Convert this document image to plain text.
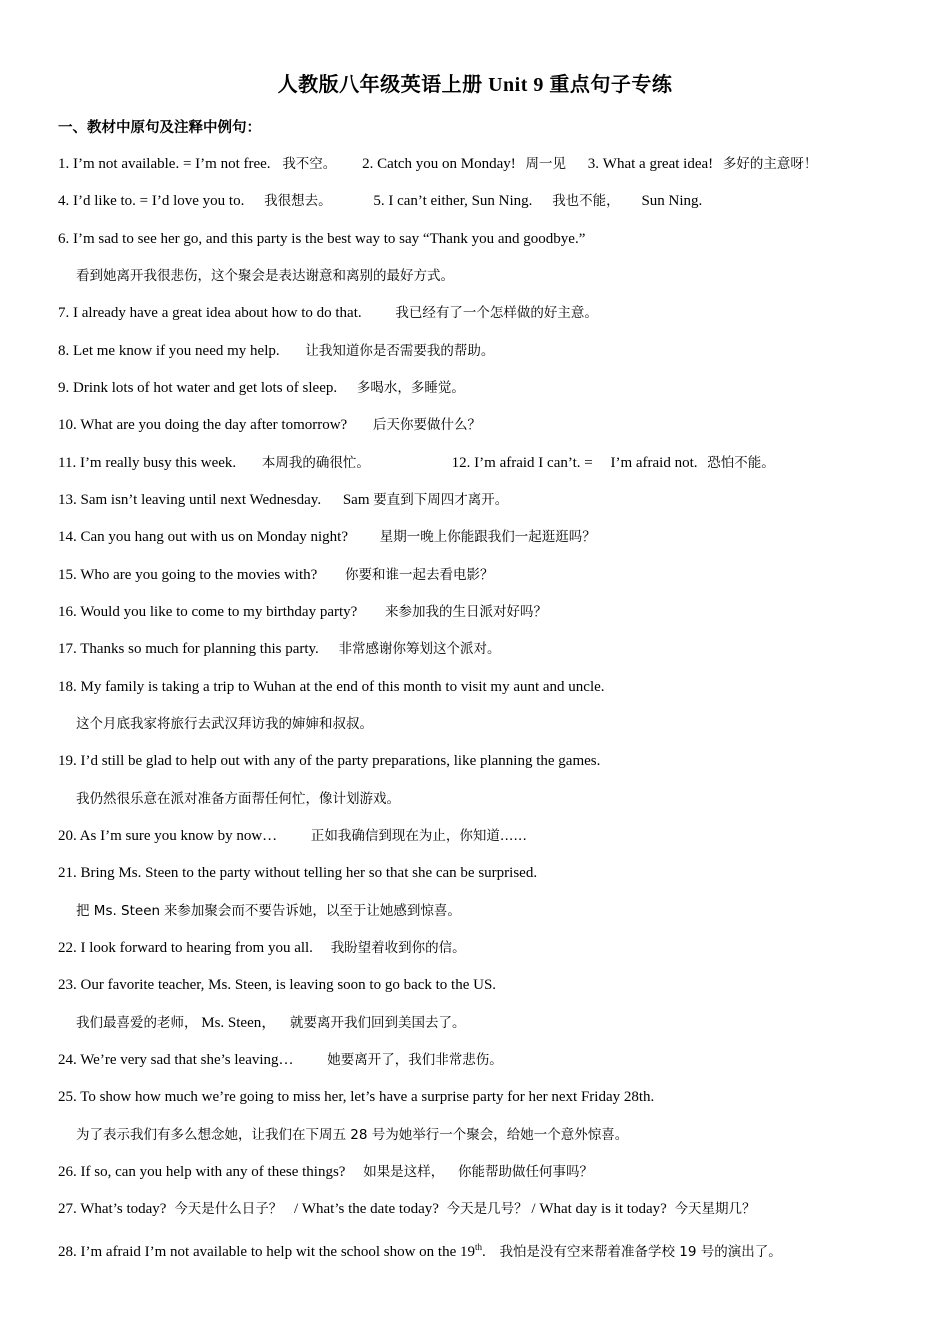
人教版八年级英语上册 Unit 9 重点句子专练
一、教材中原句及注释中例句：
1. I’m not available. = I’m not free. 我不空。 2. Catch you on Monday! 周一见 3. What a great idea! 多好的主意呀！
4. I’d like to. = I’d love you to. 我很想去。	5. I can’t either, Sun Ning. 我也不能， Sun Ning.
6. I’m sad to see her go, and this party is the best way to say “Thank you and goodbye.”
看到她离开我很悲伤，这个聚会是表达谢意和离别的最好方式。
7. I already have a great idea about how to do that.	我已经有了一个怎样做的好主意。
8. Let me know if you need my help. 让我知道你是否需要我的帮助。
9. Drink lots of hot water and get lots of sleep. 多喝水，多睡觉。
10. What are you doing the day after tomorrow? 后天你要做什么？
11. I’m really busy this week. 本周我的确很忙。	12. I’m afraid I can’t. = I’m afraid not. 恐怕不能。
13. Sam isn’t leaving until next Wednesday. Sam 要直到下周四才离开。
14. Can you hang out with us on Monday night? 星期一晚上你能跟我们一起逛逛吗？
15. Who are you going to the movies with? 你要和谁一起去看电影？
16. Would you like to come to my birthday party? 来参加我的生日派对好吗？
17. Thanks so much for planning this party. 非常感谢你筹划这个派对。
18. My family is taking a trip to Wuhan at the end of this month to visit my aunt and uncle.
这个月底我家将旅行去武汉拜访我的婶婶和叔叔。
19. I’d still be glad to help out with any of the party preparations, like planning the games.
我仍然很乐意在派对准备方面帮任何忙，像计划游戏。
20. As I’m sure you know by now…	正如我确信到现在为止，你知道……
21. Bring Ms. Steen to the party without telling her so that she can be surprised.
把 Ms. Steen 来参加聚会而不要告诉她，以至于让她感到惊喜。
22. I look forward to hearing from you all. 我盼望着收到你的信。
23. Our favorite teacher, Ms. Steen, is leaving soon to go back to the US.
我们最喜爱的老师， Ms. Steen， 就要离开我们回到美国去了。
24. We’re very sad that she’s leaving…	她要离开了，我们非常悲伤。
25. To show how much we’re going to miss her, let’s have a surprise party for her next Friday 28th.
为了表示我们有多么想念她，让我们在下周五 28 号为她举行一个聚会，给她一个意外惊喜。
26. If so, can you help with any of these things? 如果是这样， 你能帮助做任何事吗？
27. What’s today? 今天是什么日子？ / What’s the date today? 今天是几号？ / What day is it today? 今天星期几？
28. I’m afraid I’m not available to help wit the school show on the 19th. 我怕是没有空来帮着准备学校 19 号的演出了。
